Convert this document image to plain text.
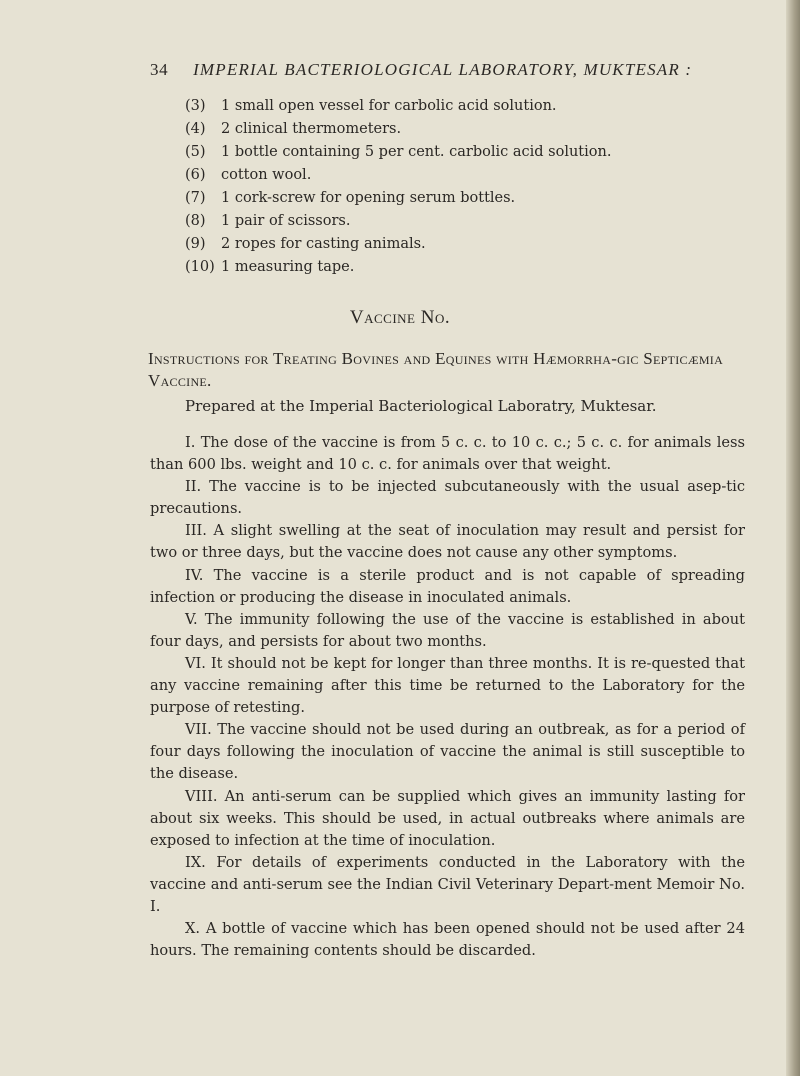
34 IMPERIAL BACTERIOLOGICAL LABORATORY, MUKTESAR :
(3) 1 small open vessel for carbolic acid solution.
(4) 2 clinical thermometers.
(5) 1 bottle containing 5 per cent. carbolic acid solution.
(6) cotton wool.
(7) 1 cork-screw for opening serum bottles.
(8) 1 pair of scissors.
(9) 2 ropes for casting animals.
(10) 1 measuring tape.
Vaccine No.
Instructions for Treating Bovines and Equines with Hæmorrha-gic Septicæmia Vaccine.
Prepared at the Imperial Bacteriological Laboratry, Muktesar.

I. The dose of the vaccine is from 5 c. c. to 10 c. c.; 5 c. c. for animals less than 600 lbs. weight and 10 c. c. for animals over that weight.

II. The vaccine is to be injected subcutaneously with the usual asep-tic precautions.

III. A slight swelling at the seat of inoculation may result and persist for two or three days, but the vaccine does not cause any other symptoms.

IV. The vaccine is a sterile product and is not capable of spreading infection or producing the disease in inoculated animals.

V. The immunity following the use of the vaccine is established in about four days, and persists for about two months.

VI. It should not be kept for longer than three months. It is re-quested that any vaccine remaining after this time be returned to the Laboratory for the purpose of retesting.

VII. The vaccine should not be used during an outbreak, as for a period of four days following the inoculation of vaccine the animal is still susceptible to the disease.

VIII. An anti-serum can be supplied which gives an immunity lasting for about six weeks. This should be used, in actual outbreaks where animals are exposed to infection at the time of inoculation.

IX. For details of experiments conducted in the Laboratory with the vaccine and anti-serum see the Indian Civil Veterinary Depart-ment Memoir No. I.

X. A bottle of vaccine which has been opened should not be used after 24 hours. The remaining contents should be discarded.
